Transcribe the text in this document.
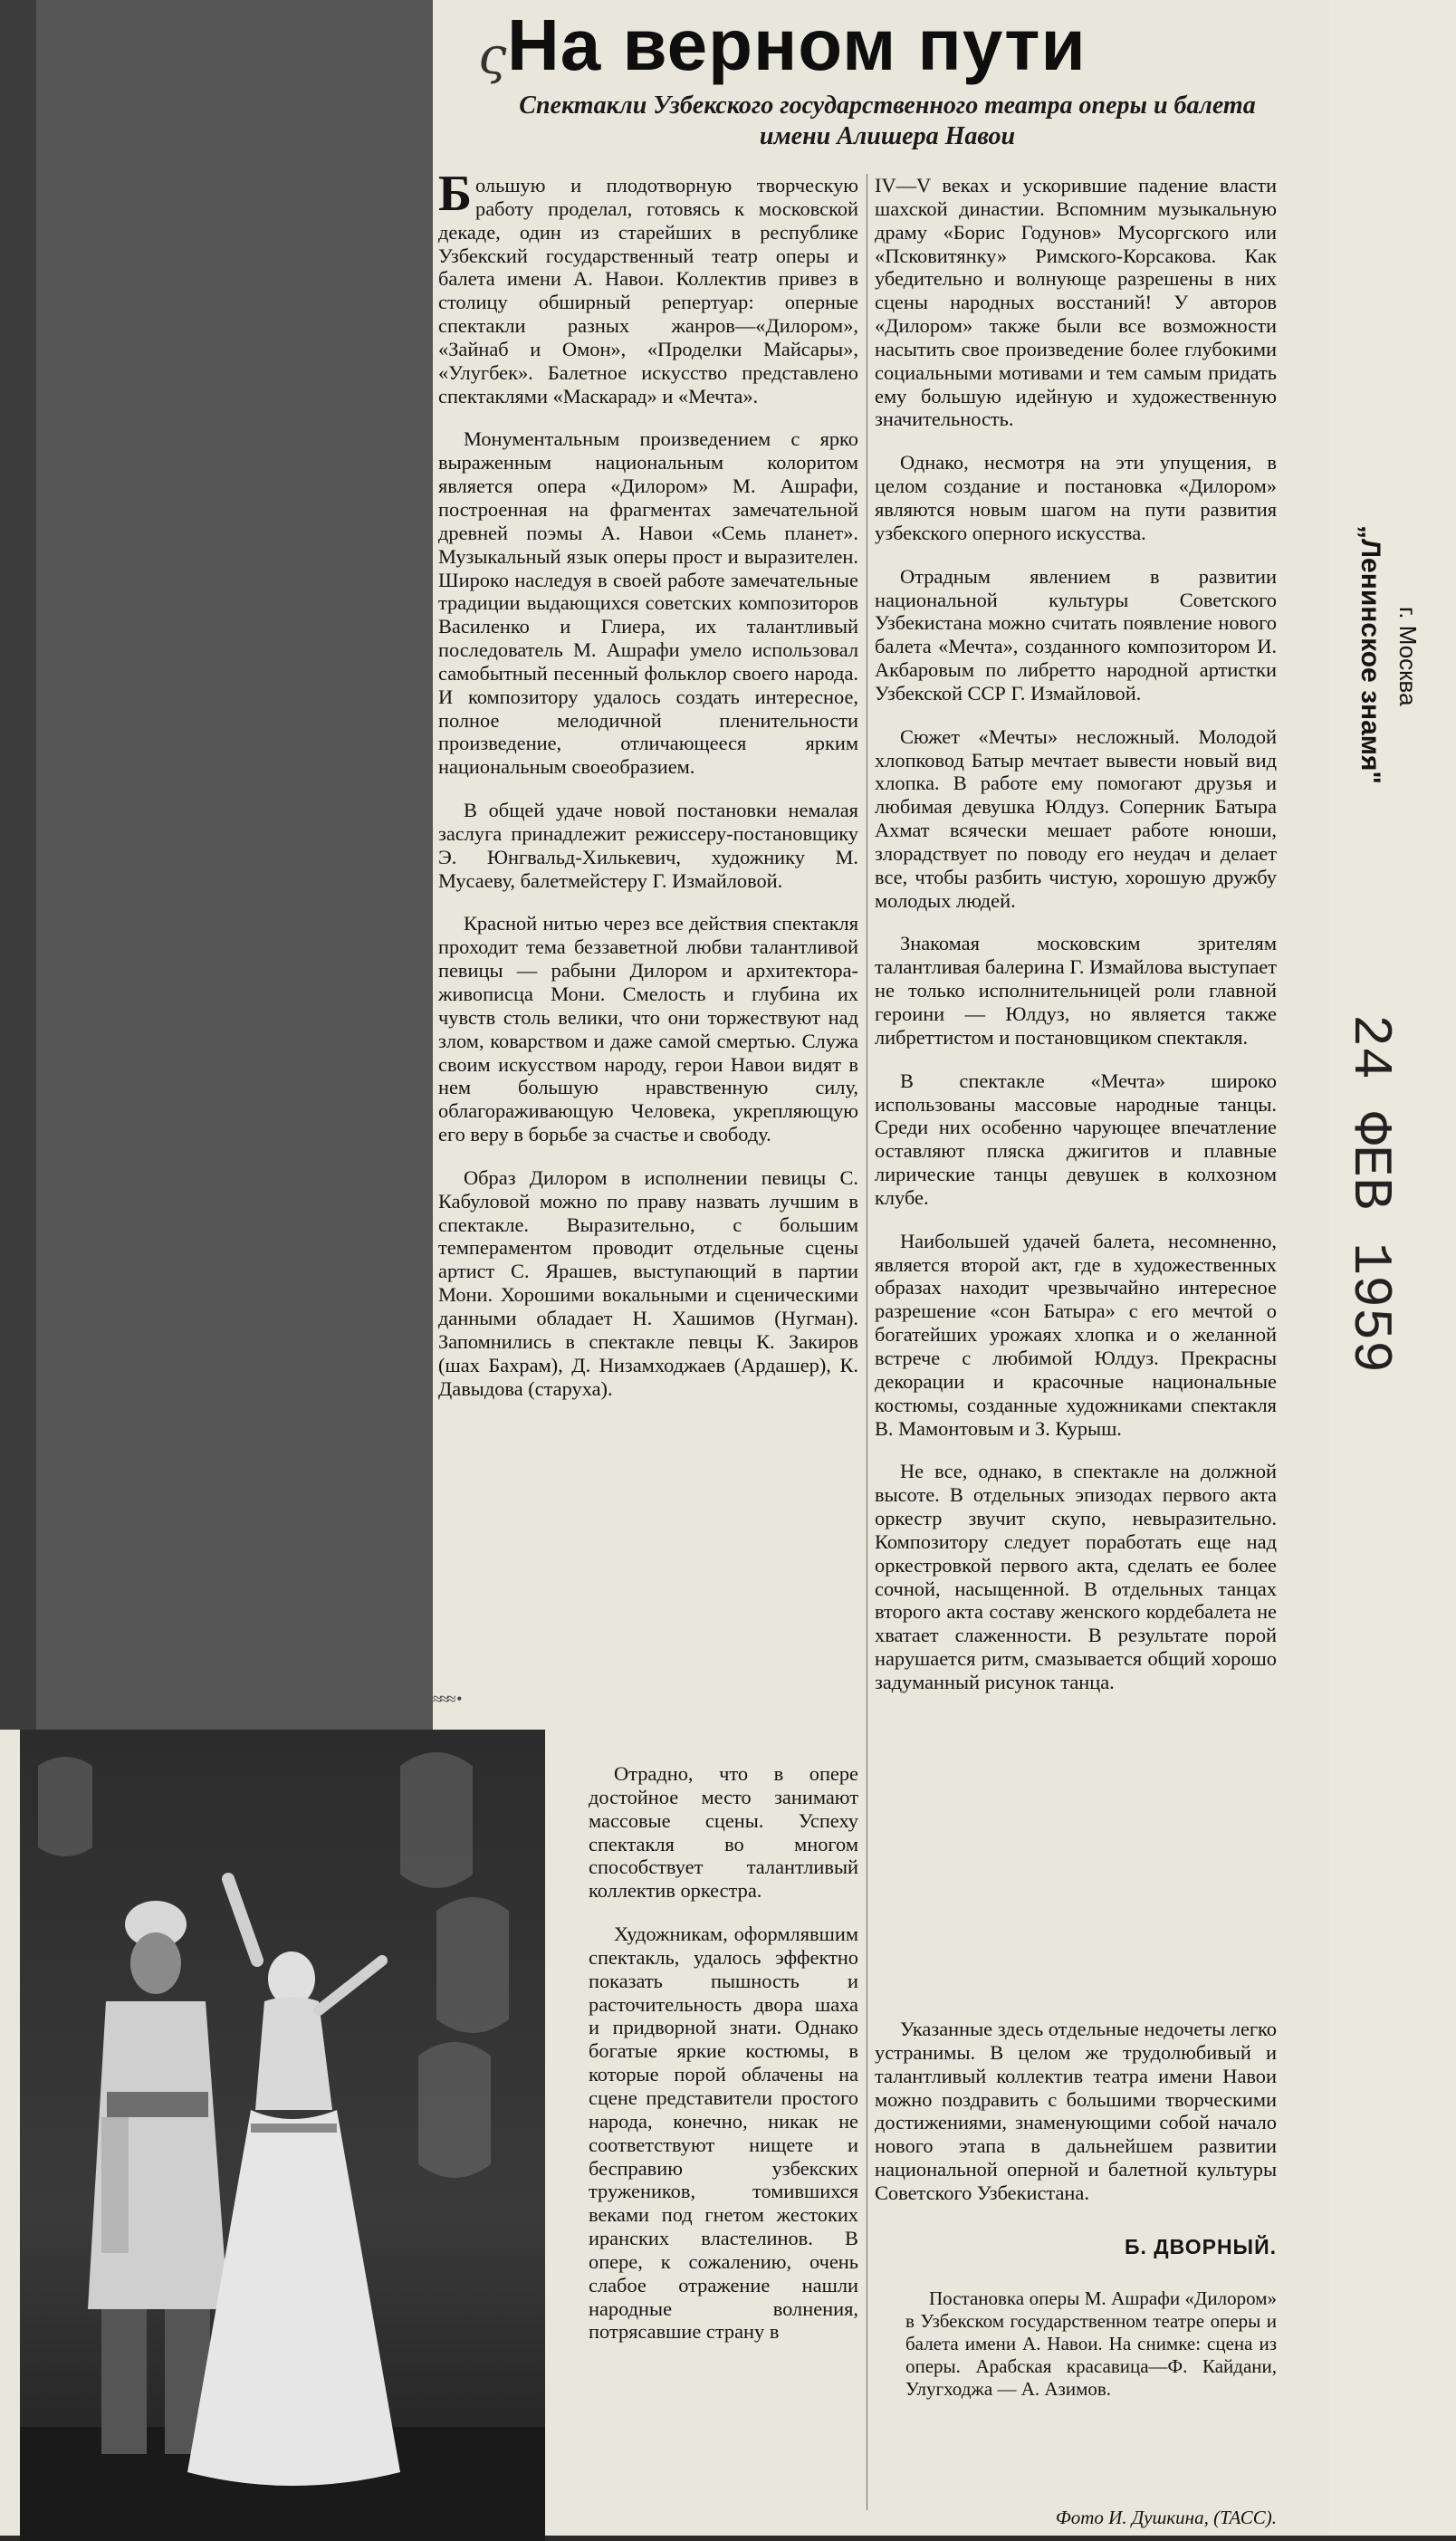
ς На верном пути
Спектакли Узбекского государственного театра оперы и балета имени Алишера Навои

Большую и плодотворную творческую работу проделал, готовясь к московской декаде, один из старейших в республике Узбекский государственный театр оперы и балета имени А. Навои. Коллектив привез в столицу обширный репертуар: оперные спектакли разных жанров—«Дилором», «Зайнаб и Омон», «Проделки Майсары», «Улугбек». Балетное искусство представлено спектаклями «Маскарад» и «Мечта».

Монументальным произведением с ярко выраженным национальным колоритом является опера «Дилором» М. Ашрафи, построенная на фрагментах замечательной древней поэмы А. Навои «Семь планет». Музыкальный язык оперы прост и выразителен. Широко наследуя в своей работе замечательные традиции выдающихся советских композиторов Василенко и Глиера, их талантливый последователь М. Ашрафи умело использовал самобытный песенный фольклор своего народа. И композитору удалось создать интересное, полное мелодичной пленительности произведение, отличающееся ярким национальным своеобразием.

В общей удаче новой постановки немалая заслуга принадлежит режиссеру-постановщику Э. Юнгвальд-Хилькевич, художнику М. Мусаеву, балетмейстеру Г. Измайловой.

Красной нитью через все действия спектакля проходит тема беззаветной любви талантливой певицы — рабыни Дилором и архитектора-живописца Мони. Смелость и глубина их чувств столь велики, что они торжествуют над злом, коварством и даже самой смертью. Служа своим искусством народу, герои Навои видят в нем большую нравственную силу, облагораживающую Человека, укрепляющую его веру в борьбе за счастье и свободу.

Образ Дилором в исполнении певицы С. Кабуловой можно по праву назвать лучшим в спектакле. Выразительно, с большим темпераментом проводит отдельные сцены артист С. Ярашев, выступающий в партии Мони. Хорошими вокальными и сценическими данными обладает Н. Хашимов (Нугман). Запомнились в спектакле певцы К. Закиров (шах Бахрам), Д. Низамходжаев (Ардашер), К. Давыдова (старуха).

≈≈≈ •

Отрадно, что в опере достойное место занимают массовые сцены. Успеху спектакля во многом способствует талантливый коллектив оркестра.

Художникам, оформлявшим спектакль, удалось эффектно показать пышность и расточительность двора шаха и придворной знати. Однако богатые яркие костюмы, в которые порой облачены на сцене представители простого народа, конечно, никак не соответствуют нищете и бесправию узбекских тружеников, томившихся веками под гнетом жестоких иранских властелинов. В опере, к сожалению, очень слабое отражение нашли народные волнения, потрясавшие страну в

IV—V веках и ускорившие падение власти шахской династии. Вспомним музыкальную драму «Борис Годунов» Мусоргского или «Псковитянку» Римского-Корсакова. Как убедительно и волнующе разрешены в них сцены народных восстаний! У авторов «Дилором» также были все возможности насытить свое произведение более глубокими социальными мотивами и тем самым придать ему большую идейную и художественную значительность.

Однако, несмотря на эти упущения, в целом создание и постановка «Дилором» являются новым шагом на пути развития узбекского оперного искусства.

Отрадным явлением в развитии национальной культуры Советского Узбекистана можно считать появление нового балета «Мечта», созданного композитором И. Акбаровым по либретто народной артистки Узбекской ССР Г. Измайловой.

Сюжет «Мечты» несложный. Молодой хлопковод Батыр мечтает вывести новый вид хлопка. В работе ему помогают друзья и любимая девушка Юлдуз. Соперник Батыра Ахмат всячески мешает работе юноши, злорадствует по поводу его неудач и делает все, чтобы разбить чистую, хорошую дружбу молодых людей.

Знакомая московским зрителям талантливая балерина Г. Измайлова выступает не только исполнительницей роли главной героини — Юлдуз, но является также либреттистом и постановщиком спектакля.

В спектакле «Мечта» широко использованы массовые народные танцы. Среди них особенно чарующее впечатление оставляют пляска джигитов и плавные лирические танцы девушек в колхозном клубе.

Наибольшей удачей балета, несомненно, является второй акт, где в художественных образах находит чрезвычайно интересное разрешение «сон Батыра» с его мечтой о богатейших урожаях хлопка и о желанной встрече с любимой Юлдуз. Прекрасны декорации и красочные национальные костюмы, созданные художниками спектакля В. Мамонтовым и З. Курыш.

Не все, однако, в спектакле на должной высоте. В отдельных эпизодах первого акта оркестр звучит скупо, невыразительно. Композитору следует поработать еще над оркестровкой первого акта, сделать ее более сочной, насыщенной. В отдельных танцах второго акта составу женского кордебалета не хватает слаженности. В результате порой нарушается ритм, смазывается общий хорошо задуманный рисунок танца.

Указанные здесь отдельные недочеты легко устранимы. В целом же трудолюбивый и талантливый коллектив театра имени Навои можно поздравить с большими творческими достижениями, знаменующими собой начало нового этапа в дальнейшем развитии национальной оперной и балетной культуры Советского Узбекистана.

Б. ДВОРНЫЙ.

Постановка оперы М. Ашрафи «Дилором» в Узбекском государственном театре оперы и балета имени А. Навои. На снимке: сцена из оперы. Арабская красавица—Ф. Кайдани, Улугходжа — А. Азимов.

Фото И. Душкина, (ТАСС).
„Ленинское знамя" г. Москва
24 ФЕВ 1959
